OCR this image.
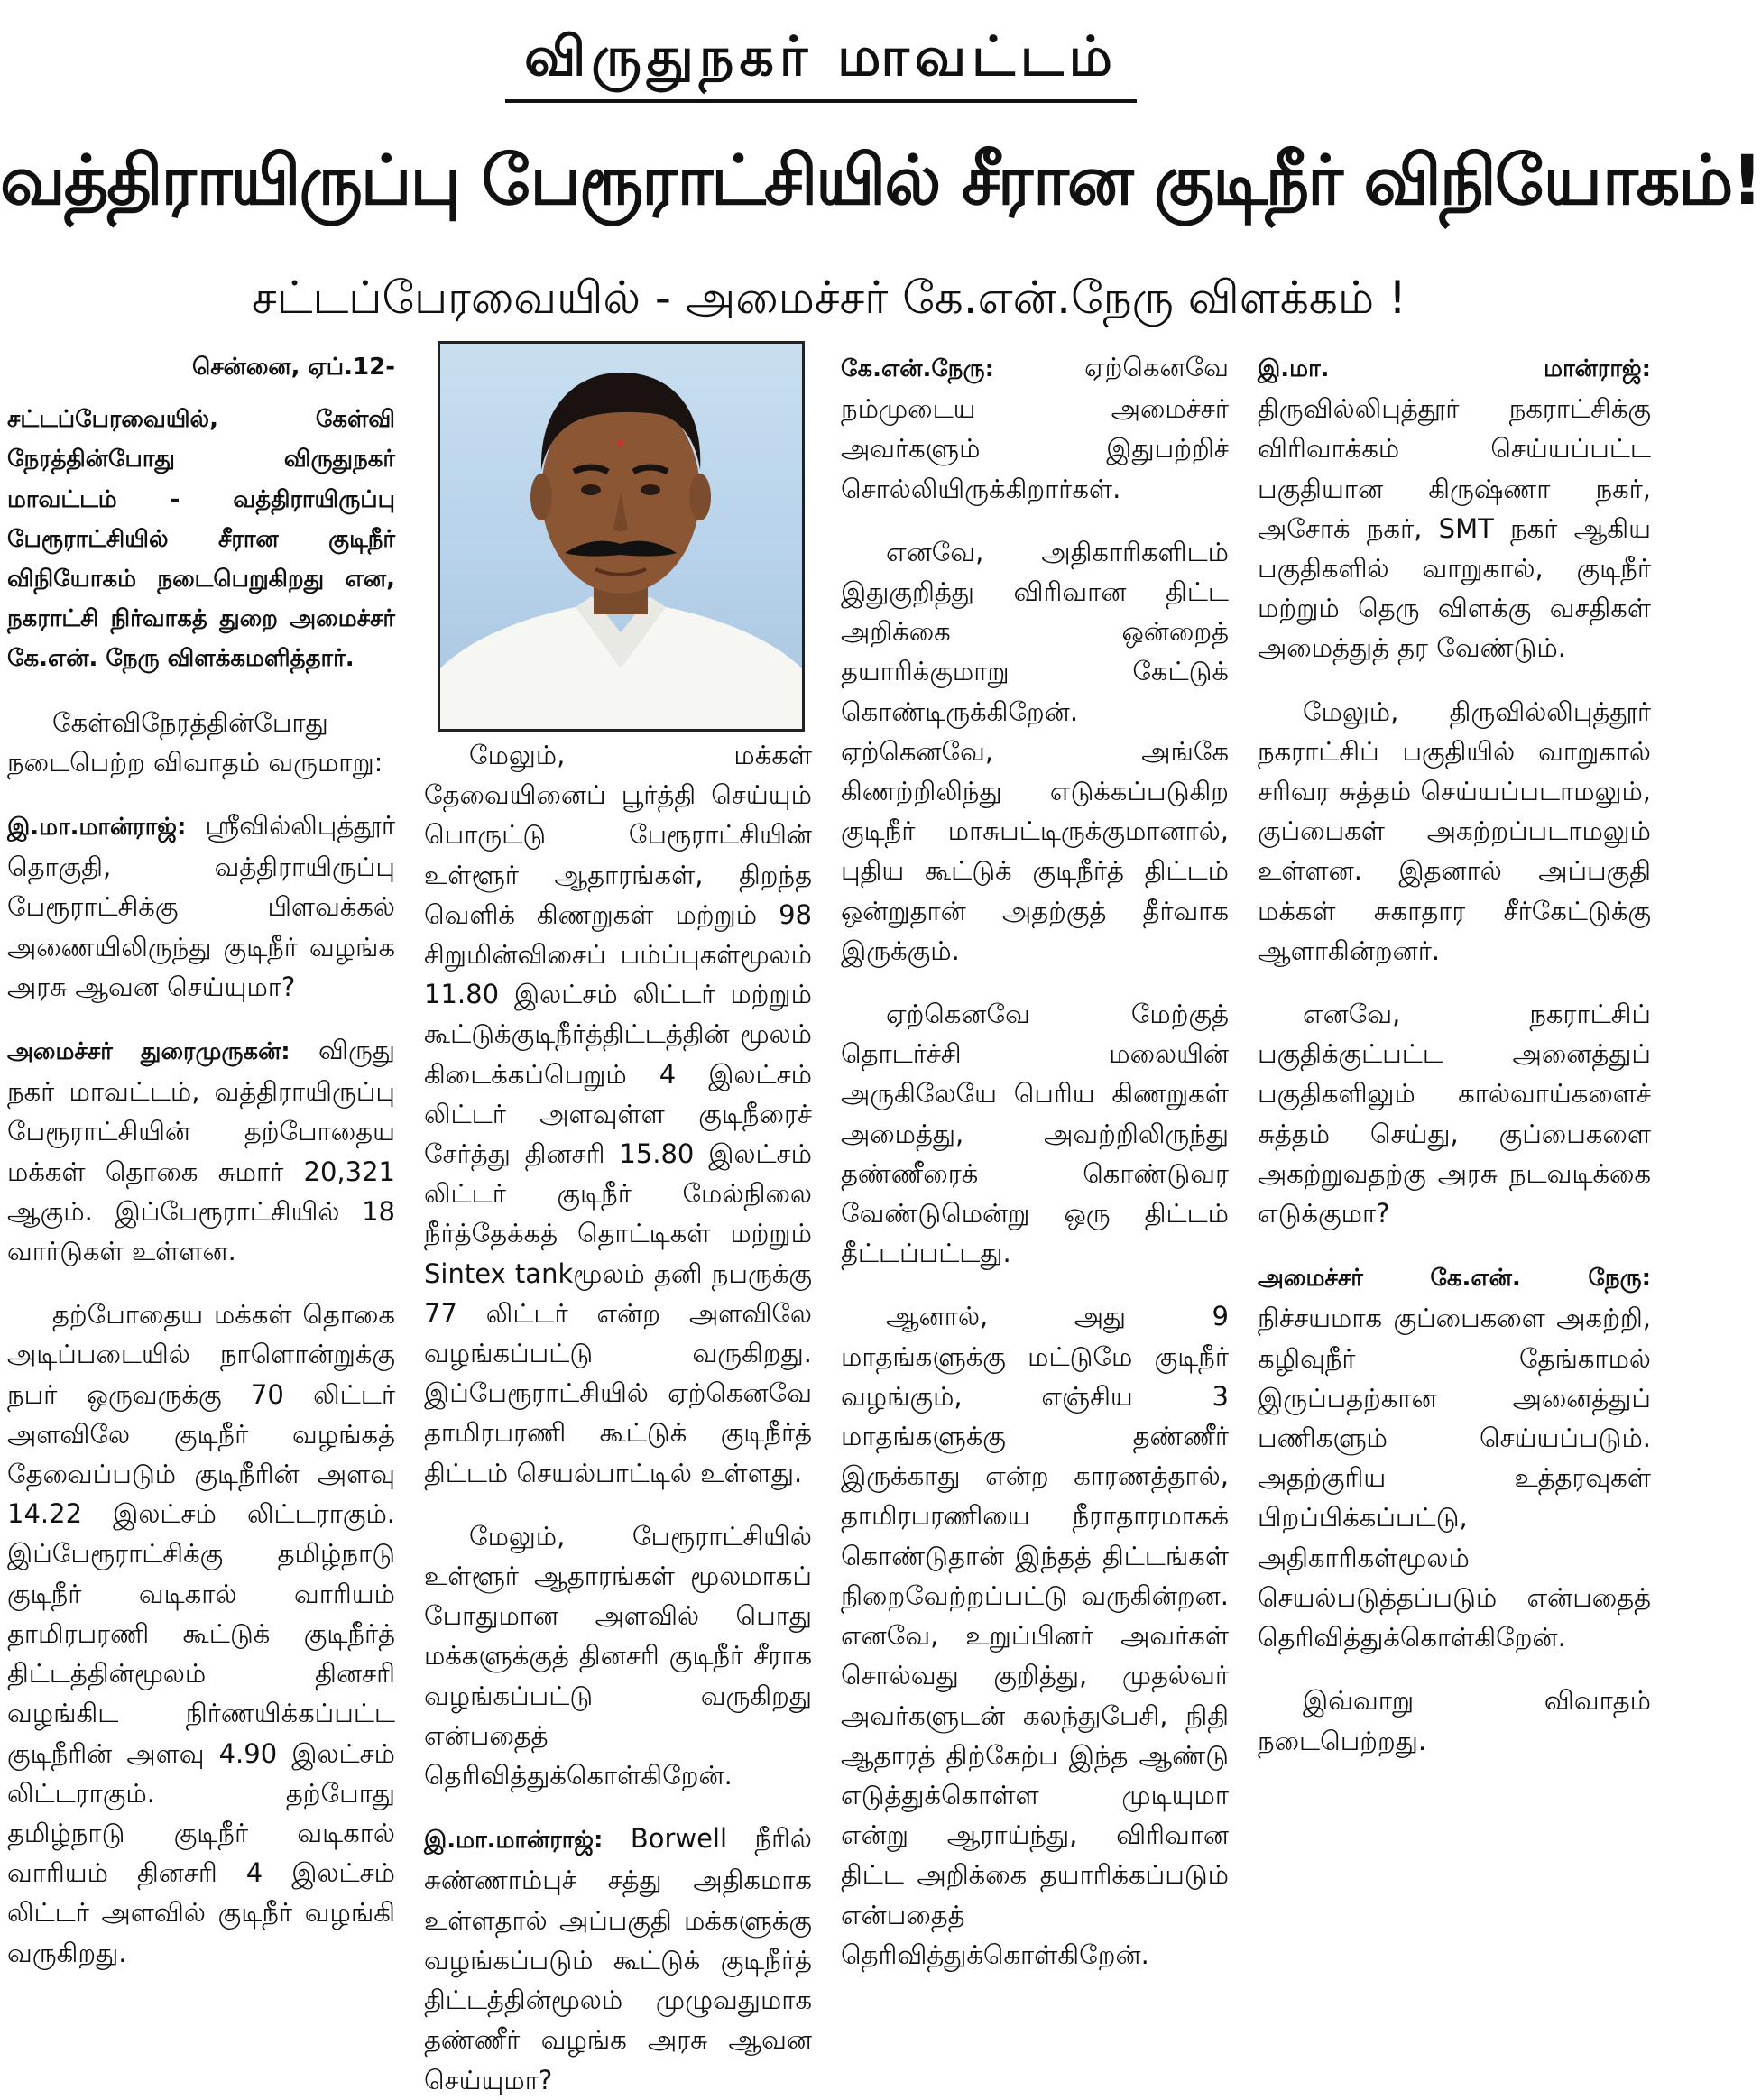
விருதுநகர் மாவட்டம்
வத்திராயிருப்பு பேரூராட்சியில் சீரான குடிநீர் விநியோகம்!
சட்டப்பேரவையில் - அமைச்சர் கே.என்.நேரு விளக்கம் !

சென்னை, ஏப்.12-

சட்டப்பேரவையில், கேள்வி நேரத்தின்போது விருதுநகர் மாவட்டம் - வத்திராயிருப்பு பேரூராட்சியில் சீரான குடிநீர் விநியோகம் நடைபெறுகிறது என, நகராட்சி நிர்வாகத் துறை அமைச்சர் கே.என். நேரு விளக்கமளித்தார்.

கேள்விநேரத்தின்போது நடைபெற்ற விவாதம் வருமாறு:

இ.மா.மான்ராஜ்: ஸ்ரீவில்லிபுத்தூர் தொகுதி, வத்திராயிருப்பு பேரூராட்சிக்கு பிளவக்கல் அணையிலிருந்து குடிநீர் வழங்க அரசு ஆவன செய்யுமா?

அமைச்சர் துரைமுருகன்: விருது நகர் மாவட்டம், வத்திராயிருப்பு பேரூராட்சியின் தற்போதைய மக்கள் தொகை சுமார் 20,321 ஆகும். இப்பேரூராட்சியில் 18 வார்டுகள் உள்ளன.

தற்போதைய மக்கள் தொகை அடிப்படையில் நாளொன்றுக்கு நபர் ஒருவருக்கு 70 லிட்டர் அளவிலே குடிநீர் வழங்கத் தேவைப்படும் குடிநீரின் அளவு 14.22 இலட்சம் லிட்டராகும். இப்பேரூராட்சிக்கு தமிழ்நாடு குடிநீர் வடிகால் வாரியம் தாமிரபரணி கூட்டுக் குடிநீர்த் திட்டத்தின்மூலம் தினசரி வழங்கிட நிர்ணயிக்கப்பட்ட குடிநீரின் அளவு 4.90 இலட்சம் லிட்டராகும். தற்போது தமிழ்நாடு குடிநீர் வடிகால் வாரியம் தினசரி 4 இலட்சம் லிட்டர் அளவில் குடிநீர் வழங்கி வருகிறது.

மேலும், மக்கள் தேவையினைப் பூர்த்தி செய்யும் பொருட்டு பேரூராட்சியின் உள்ளூர் ஆதாரங்கள், திறந்த வெளிக் கிணறுகள் மற்றும் 98 சிறுமின்விசைப் பம்ப்புகள்மூலம் 11.80 இலட்சம் லிட்டர் மற்றும் கூட்டுக்குடிநீர்த்திட்டத்தின் மூலம் கிடைக்கப்பெறும் 4 இலட்சம் லிட்டர் அளவுள்ள குடிநீரைச் சேர்த்து தினசரி 15.80 இலட்சம் லிட்டர் குடிநீர் மேல்நிலை நீர்த்தேக்கத் தொட்டிகள் மற்றும் Sintex tankமூலம் தனி நபருக்கு 77 லிட்டர் என்ற அளவிலே வழங்கப்பட்டு வருகிறது. இப்பேரூராட்சியில் ஏற்கெனவே தாமிரபரணி கூட்டுக் குடிநீர்த் திட்டம் செயல்பாட்டில் உள்ளது.

மேலும், பேரூராட்சியில் உள்ளூர் ஆதாரங்கள் மூலமாகப் போதுமான அளவில் பொது மக்களுக்குத் தினசரி குடிநீர் சீராக வழங்கப்பட்டு வருகிறது என்பதைத் தெரிவித்துக்கொள்கிறேன்.

இ.மா.மான்ராஜ்: Borwell நீரில் சுண்ணாம்புச் சத்து அதிகமாக உள்ளதால் அப்பகுதி மக்களுக்கு வழங்கப்படும் கூட்டுக் குடிநீர்த் திட்டத்தின்மூலம் முழுவதுமாக தண்ணீர் வழங்க அரசு ஆவன செய்யுமா?

கே.என்.நேரு:	ஏற்கெனவே நம்முடைய அமைச்சர் அவர்களும் இதுபற்றிச் சொல்லியிருக்கிறார்கள்.

எனவே, அதிகாரிகளிடம் இதுகுறித்து விரிவான திட்ட அறிக்கை ஒன்றைத் தயாரிக்குமாறு கேட்டுக் கொண்டிருக்கிறேன். ஏற்கெனவே, அங்கே கிணற்றிலிந்து எடுக்கப்படுகிற குடிநீர் மாசுபட்டிருக்குமானால், புதிய கூட்டுக் குடிநீர்த் திட்டம் ஒன்றுதான் அதற்குத் தீர்வாக இருக்கும்.

ஏற்கெனவே மேற்குத் தொடர்ச்சி மலையின் அருகிலேயே பெரிய கிணறுகள் அமைத்து, அவற்றிலிருந்து தண்ணீரைக் கொண்டுவர வேண்டுமென்று ஒரு திட்டம் தீட்டப்பட்டது.

ஆனால், அது 9 மாதங்களுக்கு மட்டுமே குடிநீர் வழங்கும், எஞ்சிய 3 மாதங்களுக்கு தண்ணீர் இருக்காது என்ற காரணத்தால், தாமிரபரணியை நீராதாரமாகக் கொண்டுதான் இந்தத் திட்டங்கள் நிறைவேற்றப்பட்டு வருகின்றன. எனவே, உறுப்பினர் அவர்கள் சொல்வது குறித்து, முதல்வர் அவர்களுடன் கலந்துபேசி, நிதி ஆதாரத் திற்கேற்ப இந்த ஆண்டு எடுத்துக்கொள்ள முடியுமா என்று ஆராய்ந்து, விரிவான திட்ட அறிக்கை தயாரிக்கப்படும் என்பதைத் தெரிவித்துக்கொள்கிறேன்.

இ.மா. மான்ராஜ்: திருவில்லிபுத்தூர் நகராட்சிக்கு விரிவாக்கம் செய்யப்பட்ட பகுதியான கிருஷ்ணா நகர், அசோக் நகர், SMT நகர் ஆகிய பகுதிகளில் வாறுகால், குடிநீர் மற்றும் தெரு விளக்கு வசதிகள் அமைத்துத் தர வேண்டும்.

மேலும், திருவில்லிபுத்தூர் நகராட்சிப் பகுதியில் வாறுகால் சரிவர சுத்தம் செய்யப்படாமலும், குப்பைகள் அகற்றப்படாமலும் உள்ளன. இதனால் அப்பகுதி மக்கள் சுகாதார சீர்கேட்டுக்கு ஆளாகின்றனர்.

எனவே, நகராட்சிப் பகுதிக்குட்பட்ட அனைத்துப் பகுதிகளிலும் கால்வாய்களைச் சுத்தம் செய்து, குப்பைகளை அகற்றுவதற்கு அரசு நடவடிக்கை எடுக்குமா?

அமைச்சர் கே.என். நேரு: நிச்சயமாக குப்பைகளை அகற்றி, கழிவுநீர் தேங்காமல் இருப்பதற்கான அனைத்துப் பணிகளும் செய்யப்படும். அதற்குரிய உத்தரவுகள் பிறப்பிக்கப்பட்டு, அதிகாரிகள்மூலம் செயல்படுத்தப்படும் என்பதைத் தெரிவித்துக்கொள்கிறேன்.

இவ்வாறு விவாதம் நடைபெற்றது.
